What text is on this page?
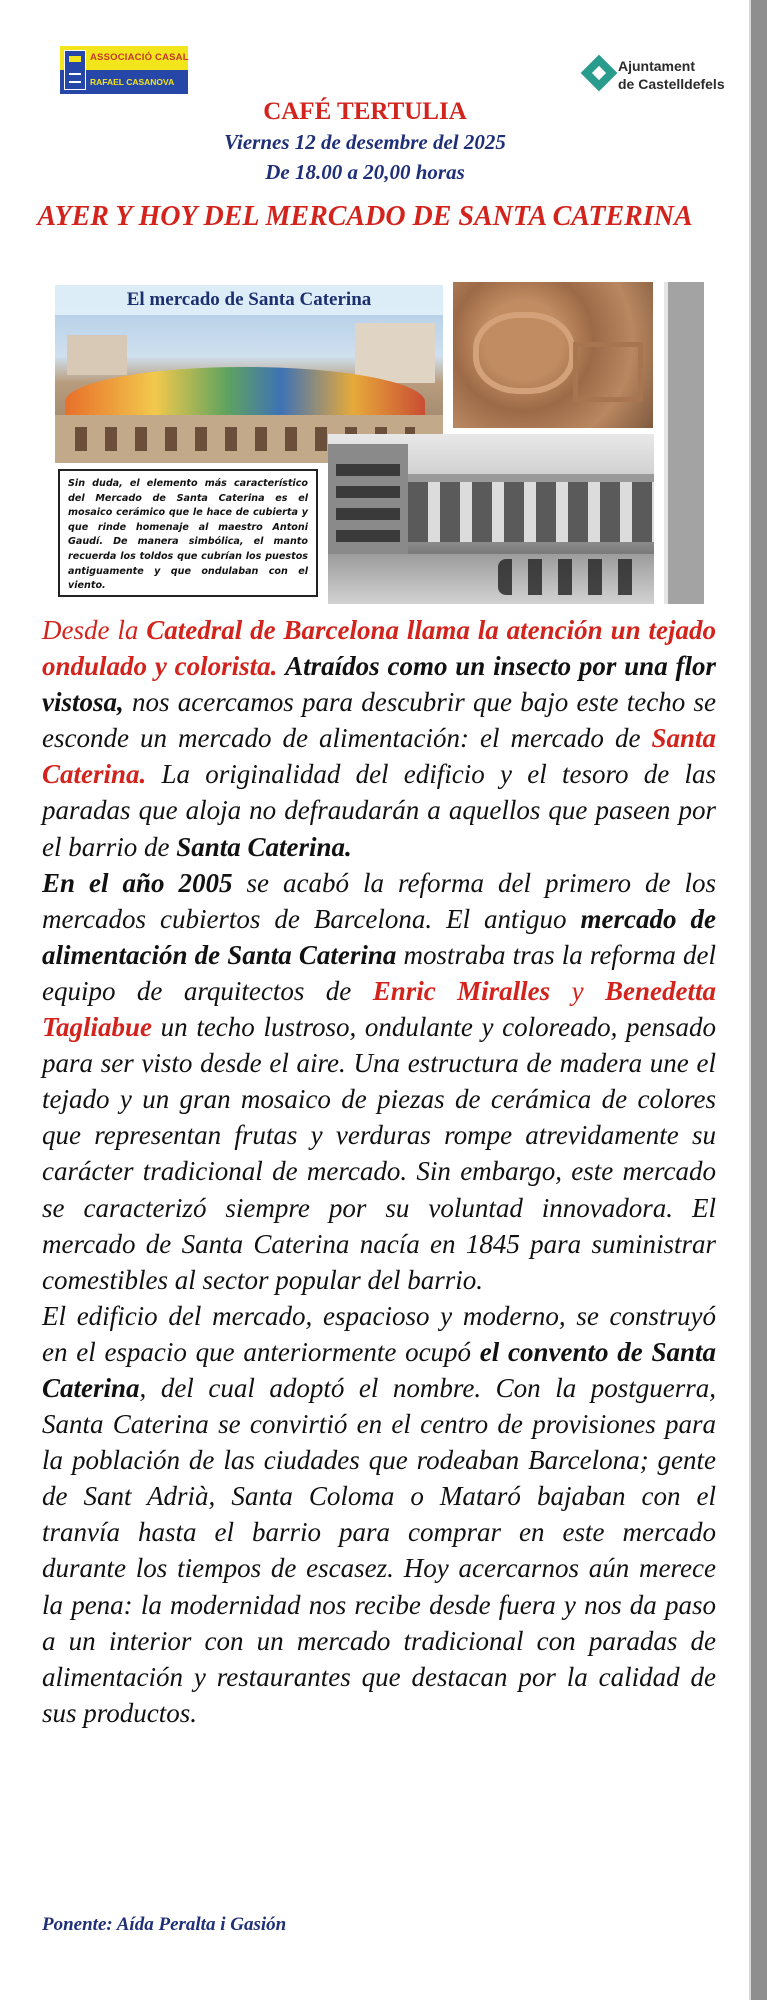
ASSOCIACIÓ CASAL
RAFAEL CASANOVA
Ajuntament
de Castelldefels
CAFÉ TERTULIA
Viernes 12 de desembre del 2025
De 18.00 a 20,00 horas
AYER Y HOY DEL MERCADO DE SANTA CATERINA
El mercado de Santa Caterina
Sin duda, el elemento más característico del Mercado de Santa Caterina es el mosaico cerámico que le hace de cubierta y que rinde homenaje al maestro Antoni Gaudí. De manera simbólica, el manto recuerda los toldos que cubrían los puestos antiguamente y que ondulaban con el viento.

Desde la Catedral de Barcelona llama la atención un tejado ondulado y colorista. Atraídos como un insecto por una flor vistosa, nos acercamos para descubrir que bajo este techo se esconde un mercado de alimentación: el mercado de Santa Caterina. La originalidad del edificio y el tesoro de las paradas que aloja no defraudarán a aquellos que paseen por el barrio de Santa Caterina.

En el año 2005 se acabó la reforma del primero de los mercados cubiertos de Barcelona. El antiguo mercado de alimentación de Santa Caterina mostraba tras la reforma del equipo de arquitectos de Enric Miralles y Benedetta Tagliabue un techo lustroso, ondulante y coloreado, pensado para ser visto desde el aire. Una estructura de madera une el tejado y un gran mosaico de piezas de cerámica de colores que representan frutas y verduras rompe atrevidamente su carácter tradicional de mercado. Sin embargo, este mercado se caracterizó siempre por su voluntad innovadora. El mercado de Santa Caterina nacía en 1845 para suministrar comestibles al sector popular del barrio.

El edificio del mercado, espacioso y moderno, se construyó en el espacio que anteriormente ocupó el convento de Santa Caterina, del cual adoptó el nombre. Con la postguerra, Santa Caterina se convirtió en el centro de provisiones para la población de las ciudades que rodeaban Barcelona; gente de Sant Adrià, Santa Coloma o Mataró bajaban con el tranvía hasta el barrio para comprar en este mercado durante los tiempos de escasez. Hoy acercarnos aún merece la pena: la modernidad nos recibe desde fuera y nos da paso a un interior con un mercado tradicional con paradas de alimentación y restaurantes que destacan por la calidad de sus productos.

Ponente: Aída Peralta i Gasión
